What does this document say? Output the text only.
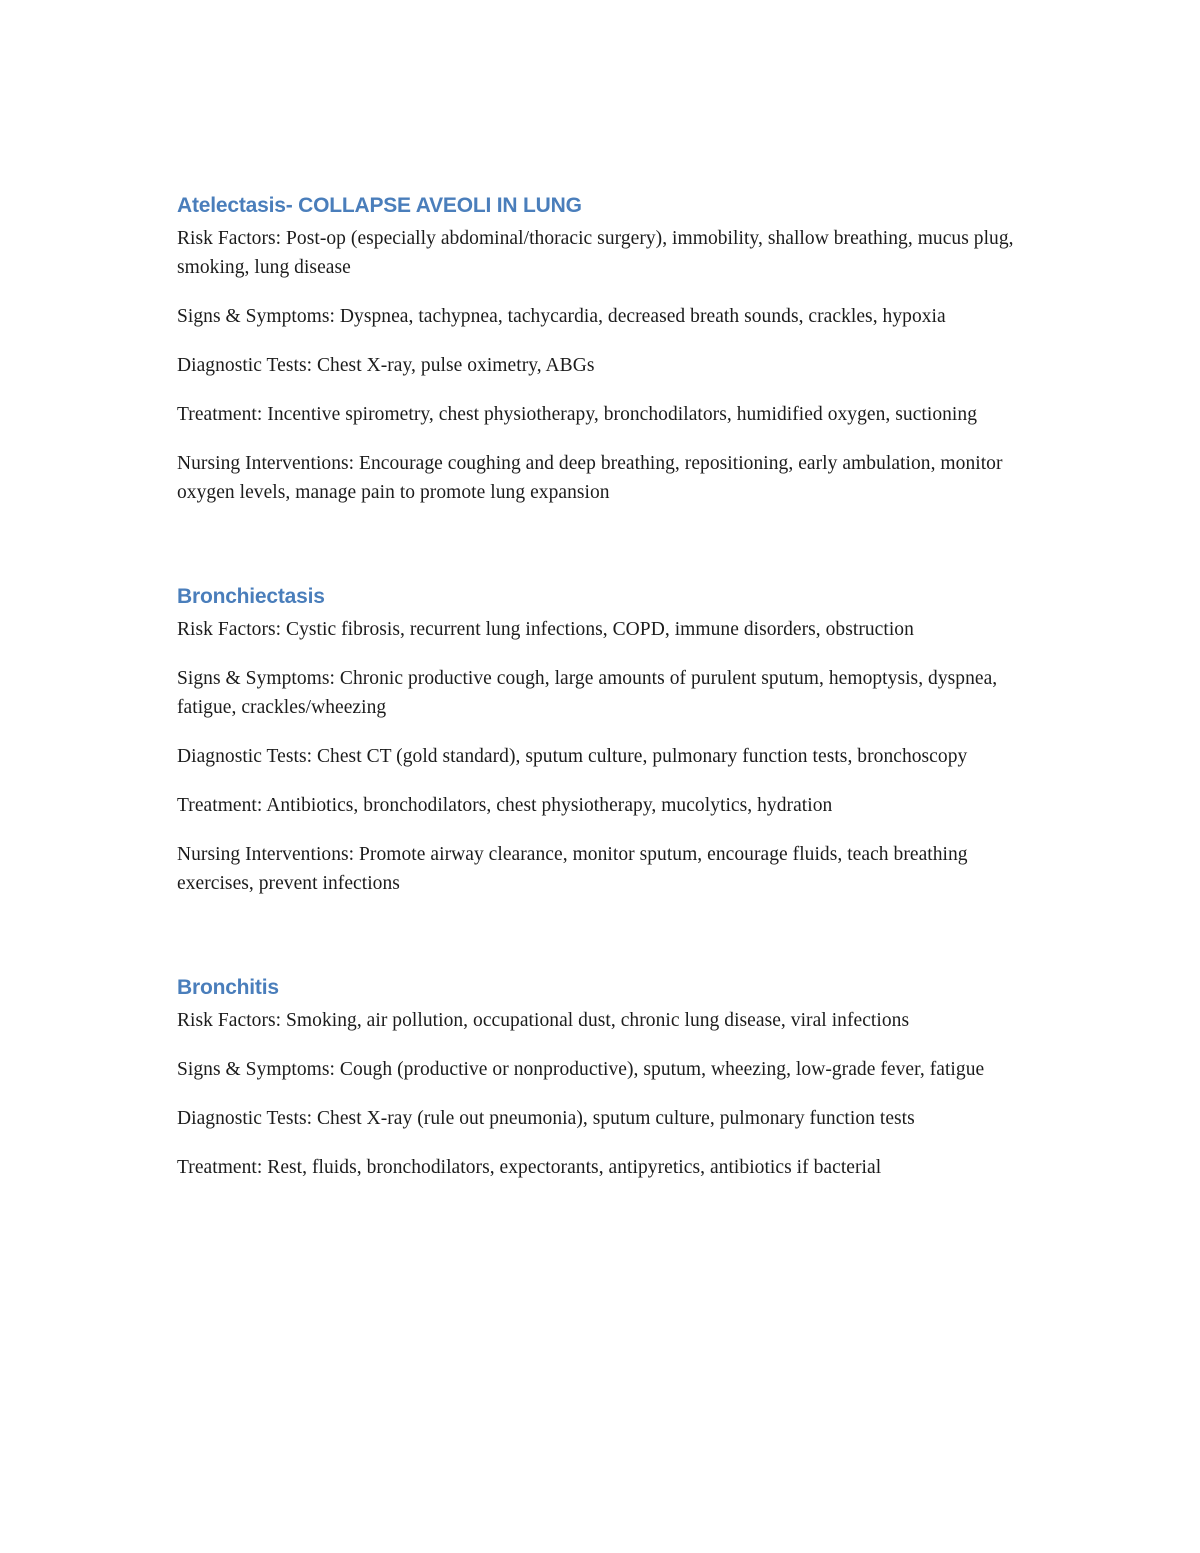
Atelectasis- COLLAPSE AVEOLI IN LUNG

Risk Factors: Post-op (especially abdominal/thoracic surgery), immobility, shallow breathing, mucus plug, smoking, lung disease

Signs & Symptoms: Dyspnea, tachypnea, tachycardia, decreased breath sounds, crackles, hypoxia

Diagnostic Tests: Chest X-ray, pulse oximetry, ABGs

Treatment: Incentive spirometry, chest physiotherapy, bronchodilators, humidified oxygen, suctioning

Nursing Interventions: Encourage coughing and deep breathing, repositioning, early ambulation, monitor oxygen levels, manage pain to promote lung expansion

Bronchiectasis

Risk Factors: Cystic fibrosis, recurrent lung infections, COPD, immune disorders, obstruction

Signs & Symptoms: Chronic productive cough, large amounts of purulent sputum, hemoptysis, dyspnea, fatigue, crackles/wheezing

Diagnostic Tests: Chest CT (gold standard), sputum culture, pulmonary function tests, bronchoscopy

Treatment: Antibiotics, bronchodilators, chest physiotherapy, mucolytics, hydration

Nursing Interventions: Promote airway clearance, monitor sputum, encourage fluids, teach breathing exercises, prevent infections

Bronchitis

Risk Factors: Smoking, air pollution, occupational dust, chronic lung disease, viral infections

Signs & Symptoms: Cough (productive or nonproductive), sputum, wheezing, low-grade fever, fatigue

Diagnostic Tests: Chest X-ray (rule out pneumonia), sputum culture, pulmonary function tests

Treatment: Rest, fluids, bronchodilators, expectorants, antipyretics, antibiotics if bacterial
